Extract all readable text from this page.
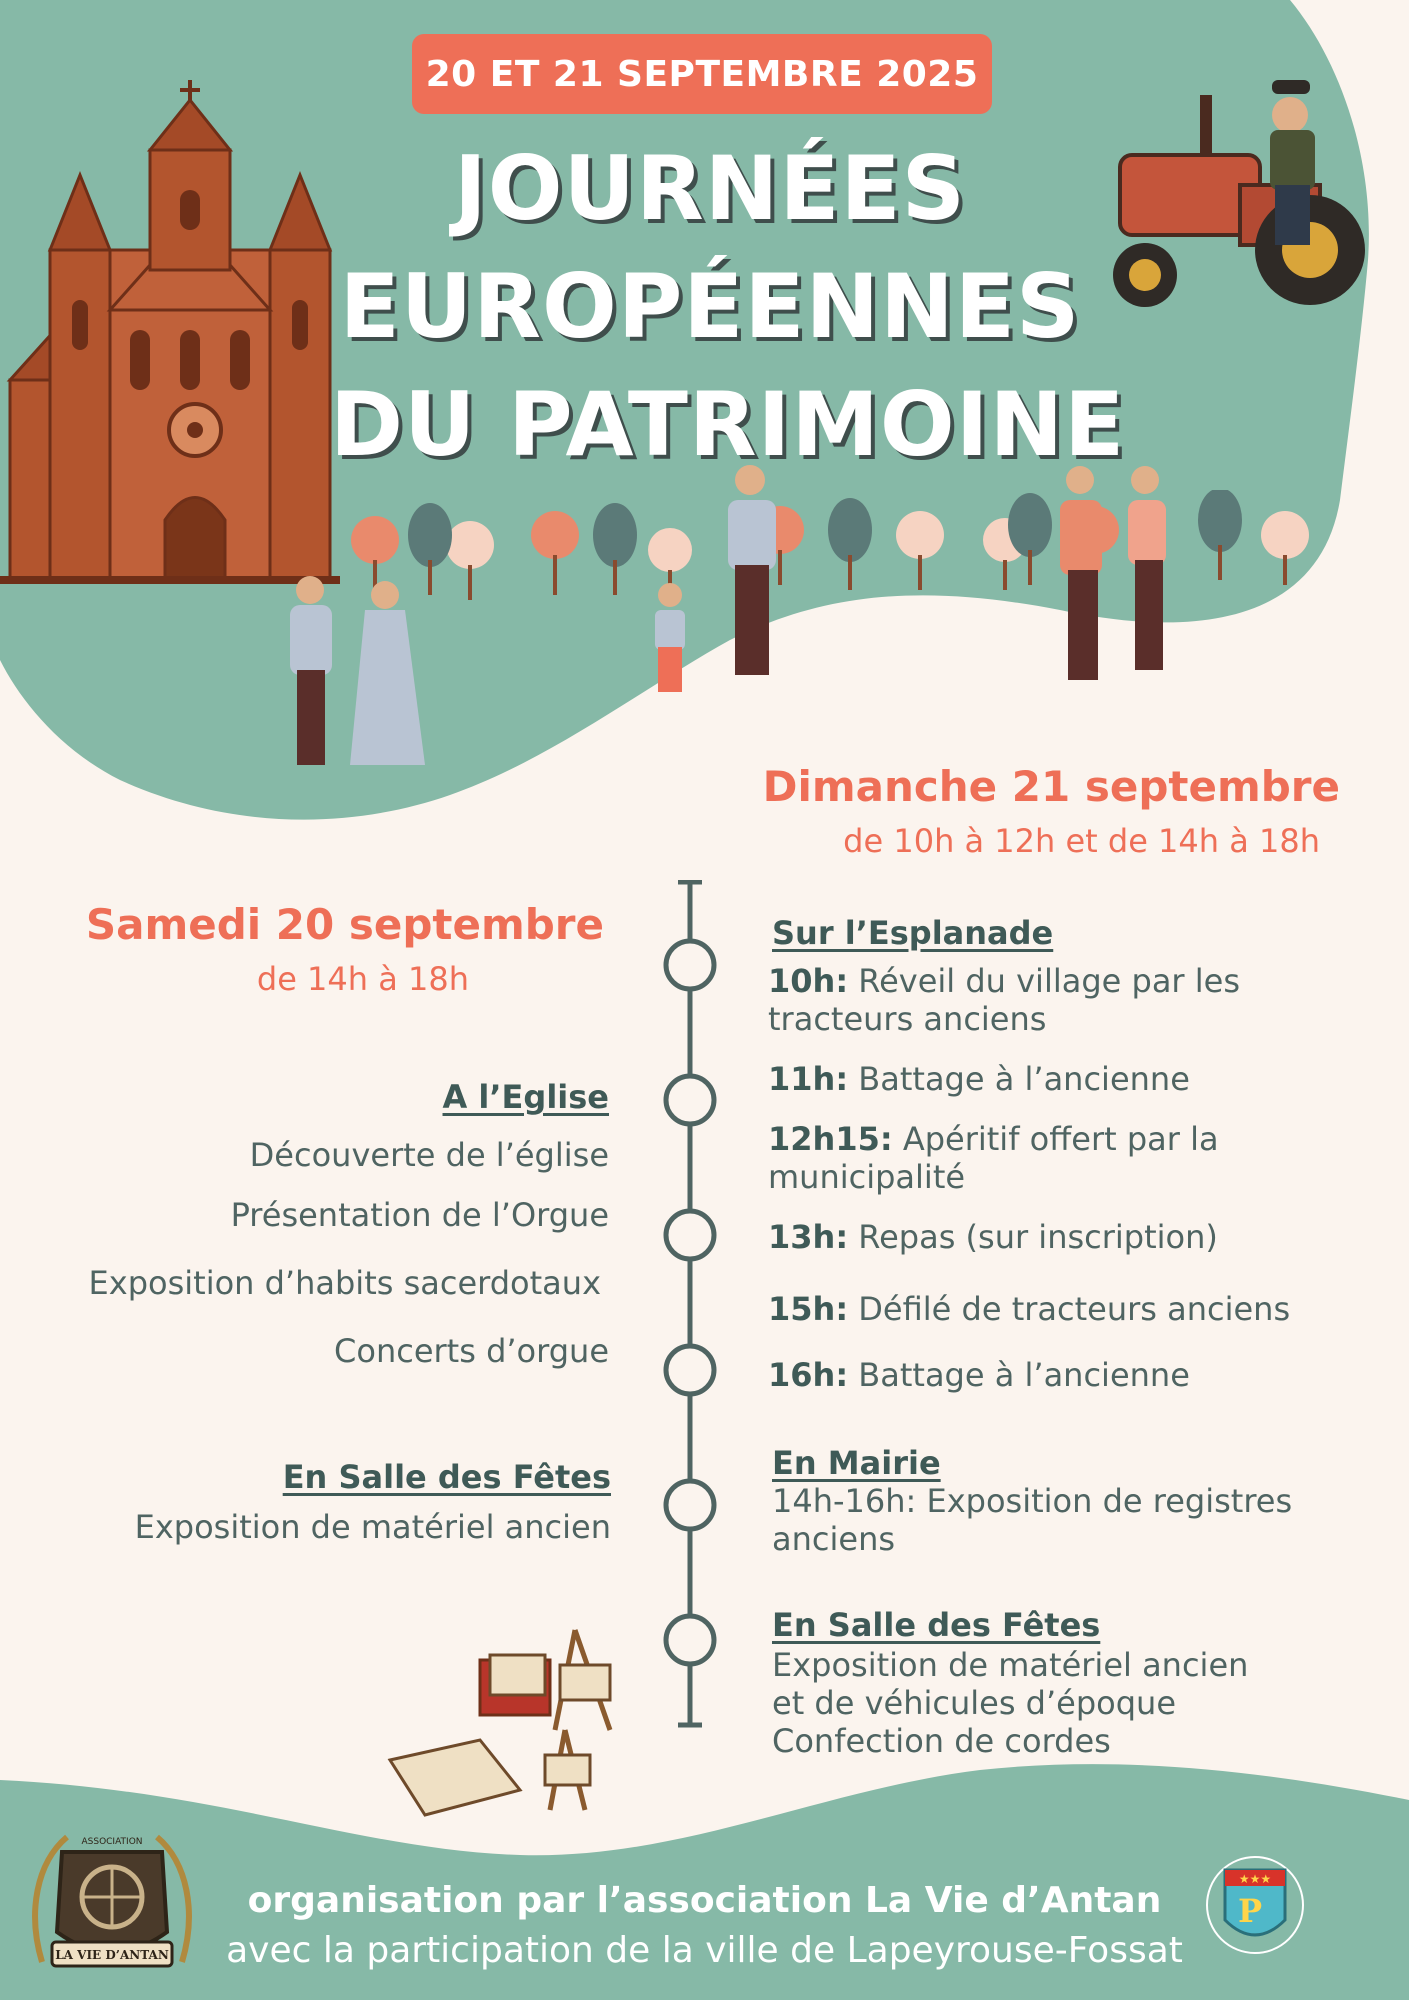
20 ET 21 SEPTEMBRE 2025
JOURNÉES
EUROPÉENNES
DU PATRIMOINE
Dimanche 21 septembre
de 10h à 12h et de 14h à 18h
Samedi 20 septembre
de 14h à 18h
A l’Eglise
Découverte de l’église
Présentation de l’Orgue
Exposition d’habits sacerdotaux
Concerts d’orgue
En Salle des Fêtes
Exposition de matériel ancien
Sur l’Esplanade
10h: Réveil du village par les tracteurs anciens
11h: Battage à l’ancienne
12h15: Apéritif offert par la municipalité
13h: Repas (sur inscription)
15h: Défilé de tracteurs anciens
16h: Battage à l’ancienne
En Mairie
14h-16h: Exposition de registres anciens
En Salle des Fêtes
Exposition de matériel ancien
et de véhicules d’époque
Confection de cordes
ASSOCIATION
LA VIE D’ANTAN
★★★
P
organisation par l’association La Vie d’Antan
avec la participation de la ville de Lapeyrouse-Fossat
